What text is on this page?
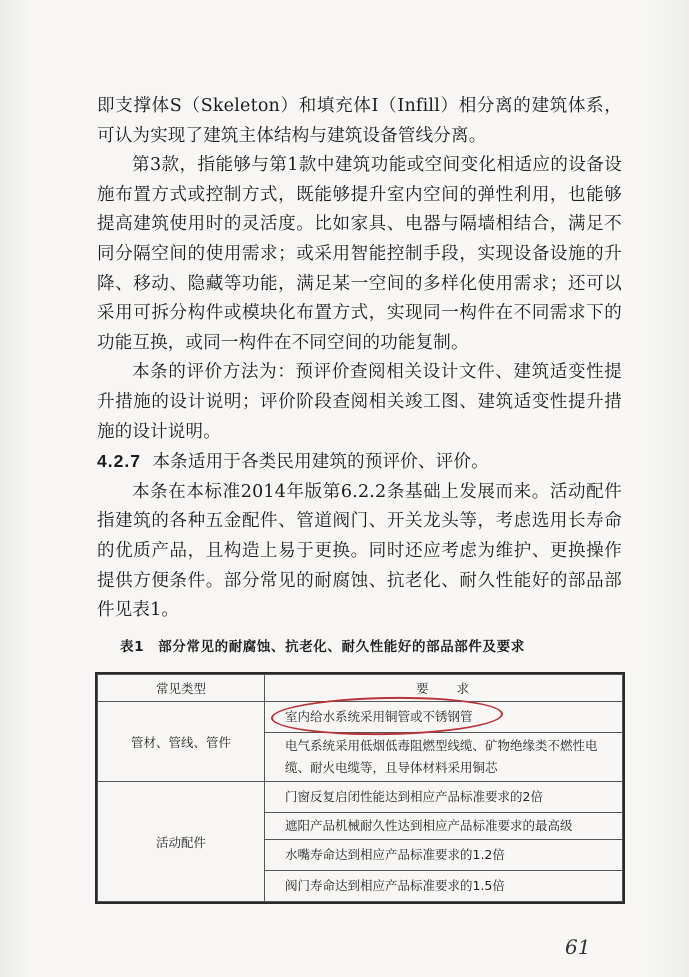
即支撑体S（Skeleton）和填充体I（Infill）相分离的建筑体系，可认为实现了建筑主体结构与建筑设备管线分离。

第3款，指能够与第1款中建筑功能或空间变化相适应的设备设施布置方式或控制方式，既能够提升室内空间的弹性利用，也能够提高建筑使用时的灵活度。比如家具、电器与隔墙相结合，满足不同分隔空间的使用需求；或采用智能控制手段，实现设备设施的升降、移动、隐藏等功能，满足某一空间的多样化使用需求；还可以采用可拆分构件或模块化布置方式，实现同一构件在不同需求下的功能互换，或同一构件在不同空间的功能复制。

本条的评价方法为：预评价查阅相关设计文件、建筑适变性提升措施的设计说明；评价阶段查阅相关竣工图、建筑适变性提升措施的设计说明。

4.2.7 本条适用于各类民用建筑的预评价、评价。

本条在本标准2014年版第6.2.2条基础上发展而来。活动配件指建筑的各种五金配件、管道阀门、开关龙头等，考虑选用长寿命的优质产品，且构造上易于更换。同时还应考虑为维护、更换操作提供方便条件。部分常见的耐腐蚀、抗老化、耐久性能好的部品部件见表1。

表1　部分常见的耐腐蚀、抗老化、耐久性能好的部品部件及要求
常见类型	要求
管材、管线、管件	室内给水系统采用铜管或不锈钢管

	电气系统采用低烟低毒阻燃型线缆、矿物绝缘类不燃性电缆、耐火电缆等，且导体材料采用铜芯

活动配件	门窗反复启闭性能达到相应产品标准要求的2倍

	遮阳产品机械耐久性达到相应产品标准要求的最高级

	水嘴寿命达到相应产品标准要求的1.2倍
	阀门寿命达到相应产品标准要求的1.5倍
61
